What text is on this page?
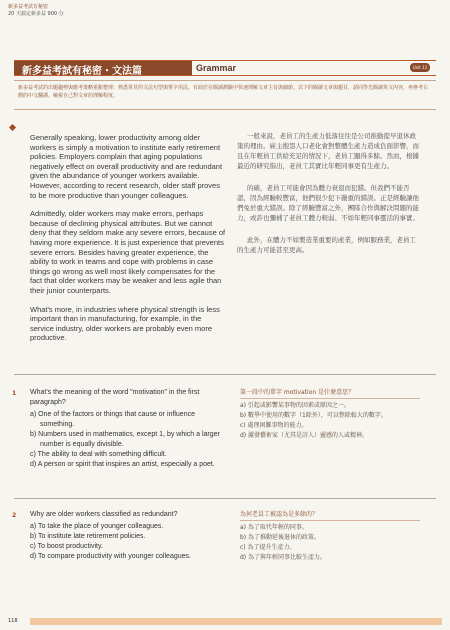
新多益考試有秘密
20 天搞定新多益 900 分
新多益考試有秘密・文法篇	Grammar	Unit 11
新多益考試的出題趨勢與應考策略重點整理：熟悉常見的文法句型與單字用法，有助於在閱讀測驗中快速理解文章主旨與細節。以下的閱讀文章與題目，請同學先閱讀英文內容，再參考右側的中文翻譯，檢視自己對文章的理解程度。

Generally speaking, lower productivity among older workers is simply a motivation to institute early retirement policies. Employers complain that aging populations negatively effect on overall productivity and are redundant given the abundance of younger workers available. However, according to recent research, older staff proves to be more productive than younger colleagues.

Admittedly, older workers may make errors, perhaps because of declining physical attributes. But we cannot deny that they seldom make any severe errors, because of having more experience. It is just experience that prevents severe errors. Besides having greater experience, the ability to work in teams and cope with problems in case things go wrong as well most likely compensates for the fact that older workers may be weaker and less agile than their junior counterparts.

What's more, in industries where physical strength is less important than in manufacturing, for example, in the service industry, older workers are probably even more productive.

一般來說，老員工的生產力低落往往是公司推動提早退休政策的理由。雇主抱怨人口老化會對整體生產力造成負面影響，而且在年輕員工供給充足的情況下，老員工顯得多餘。然而，根據最近的研究指出，老員工其實比年輕同事更有生產力。

的確，老員工可能會因為體力衰退而犯錯。但我們不能否認，因為經驗較豐富，他們很少犯下嚴重的錯誤。正是經驗讓他們免於重大錯誤。除了經驗豐富之外，團隊合作與解決問題的能力，或許也彌補了老員工體力較弱、不如年輕同事靈活的事實。

此外，在體力不如製造業重要的產業，例如服務業，老員工的生產力可能甚至更高。

1	What's the meaning of the word "motivation" in the first paragraph?

a) One of the factors or things that cause or influence something.

b) Numbers used in mathematics, except 1, by which a larger number is equally divisible.

c) The ability to deal with something difficult.

d) A person or spirit that inspires an artist, especially a poet.

第一段中的單字 motivation 是什麼意思？

a) 引起或影響某事物的因素或原因之一。

b) 數學中使用的數字（1除外），可以整除較大的數字。

c) 處理困難事物的能力。

d) 激發藝術家（尤其是詩人）靈感的人或精神。

2	Why are older workers classified as redundant?

a) To take the place of younger colleagues.

b) To institute late retirement policies.

c) To boost productivity.

d) To compare productivity with younger colleagues.

為何老員工被認為是多餘的？

a) 為了取代年輕的同事。

b) 為了推動延後退休的政策。

c) 為了提升生產力。

d) 為了與年輕同事比較生產力。

118
